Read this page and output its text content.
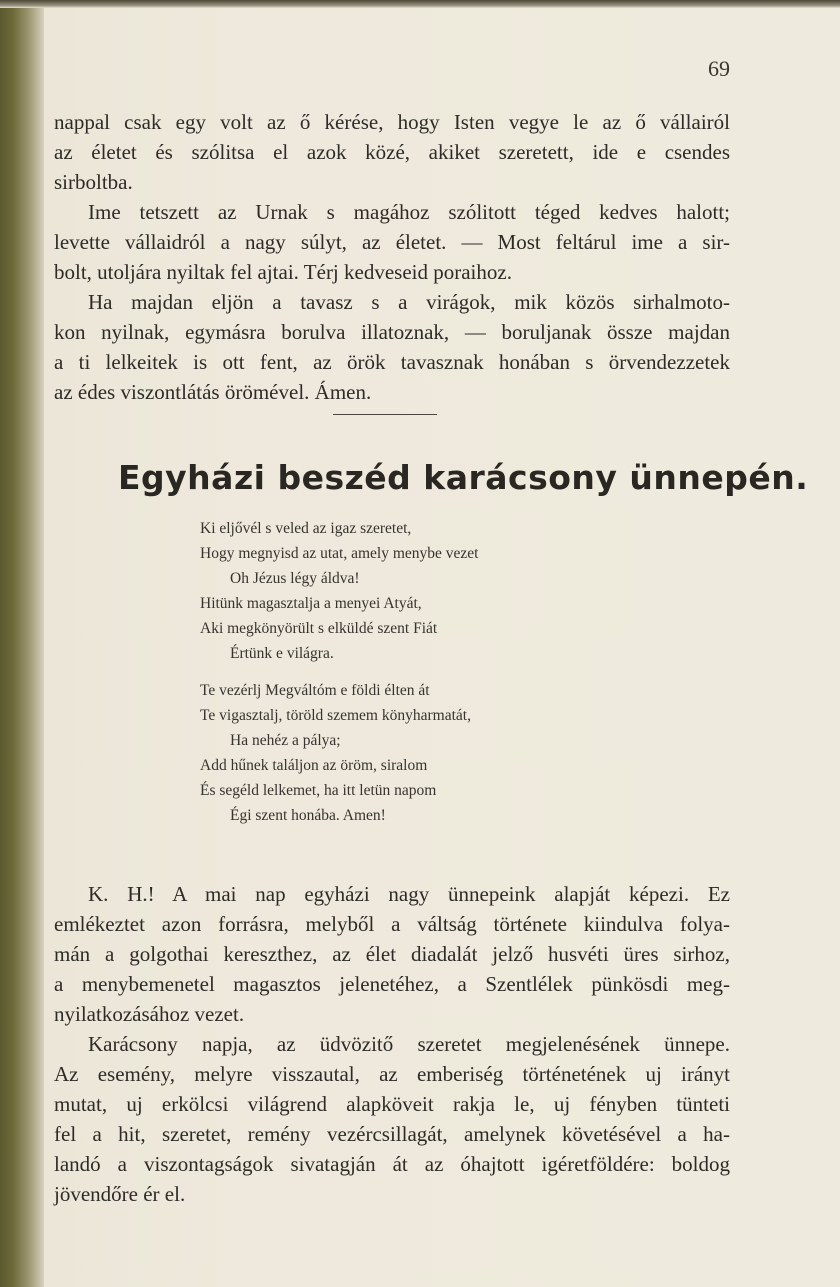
69
nappal csak egy volt az ő kérése, hogy Isten vegye le az ő vállairól
az életet és szólitsa el azok közé, akiket szeretett, ide e csendes
sirboltba.
Ime tetszett az Urnak s magához szólitott téged kedves halott;
levette vállaidról a nagy súlyt, az életet. — Most feltárul ime a sir-
bolt, utoljára nyiltak fel ajtai. Térj kedveseid poraihoz.
Ha majdan eljön a tavasz s a virágok, mik közös sirhalmoto-
kon nyilnak, egymásra borulva illatoznak, — boruljanak össze majdan
a ti lelkeitek is ott fent, az örök tavasznak honában s örvendezzetek
az édes viszontlátás örömével. Ámen.
Egyházi beszéd karácsony ünnepén.
Ki eljővél s veled az igaz szeretet,
Hogy megnyisd az utat, amely menybe vezet
Oh Jézus légy áldva!
Hitünk magasztalja a menyei Atyát,
Aki megkönyörült s elküldé szent Fiát
Értünk e világra.
Te vezérlj Megváltóm e földi élten át
Te vigasztalj, töröld szemem könyharmatát,
Ha nehéz a pálya;
Add hűnek találjon az öröm, siralom
És segéld lelkemet, ha itt letün napom
Égi szent honába. Amen!
K. H.! A mai nap egyházi nagy ünnepeink alapját képezi. Ez
emlékeztet azon forrásra, melyből a váltság története kiindulva folya-
mán a golgothai kereszthez, az élet diadalát jelző husvéti üres sirhoz,
a menybemenetel magasztos jelenetéhez, a Szentlélek pünkösdi meg-
nyilatkozásához vezet.
Karácsony napja, az üdvözitő szeretet megjelenésének ünnepe.
Az esemény, melyre visszautal, az emberiség történetének uj irányt
mutat, uj erkölcsi világrend alapköveit rakja le, uj fényben tünteti
fel a hit, szeretet, remény vezércsillagát, amelynek követésével a ha-
landó a viszontagságok sivatagján át az óhajtott igéretföldére: boldog
jövendőre ér el.
